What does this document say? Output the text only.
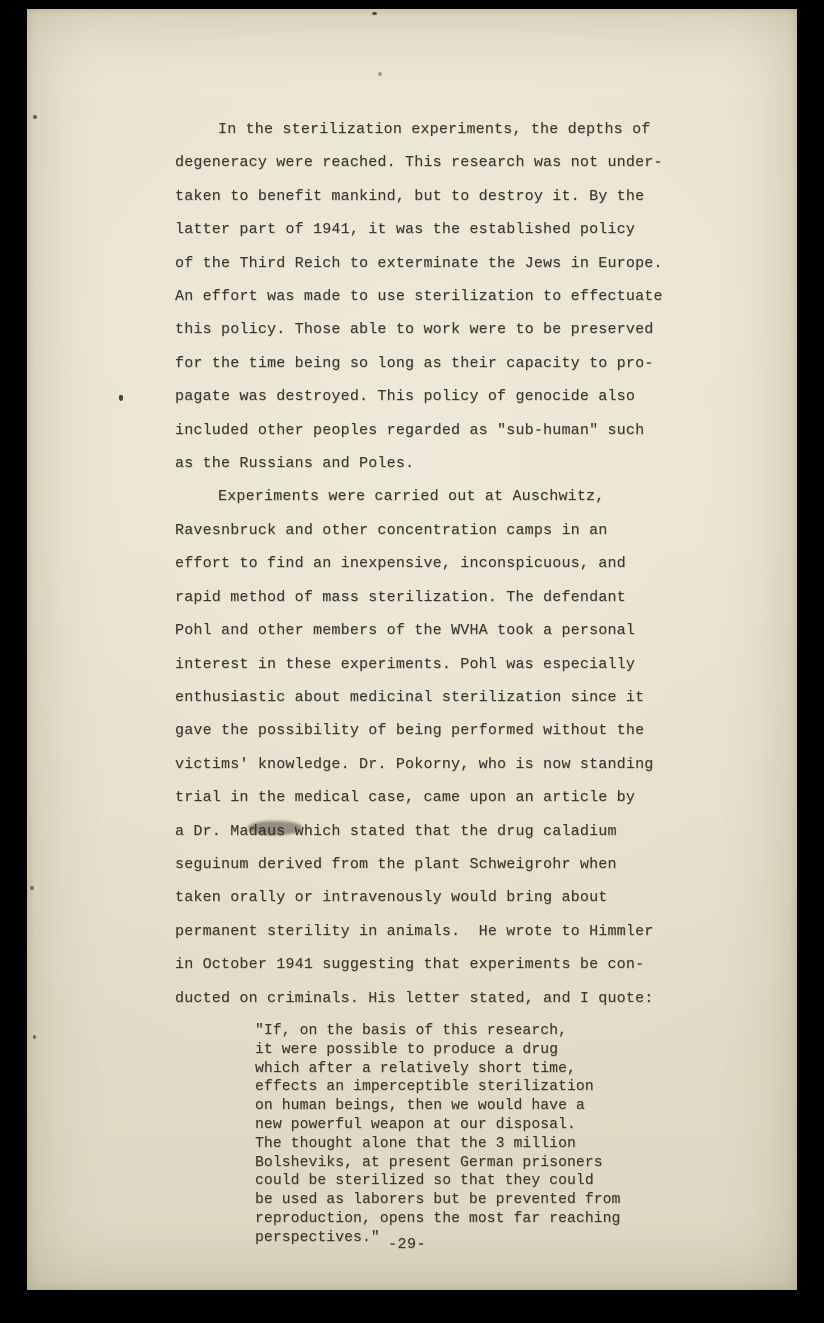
In the sterilization experiments, the depths of
degeneracy were reached. This research was not under-
taken to benefit mankind, but to destroy it. By the
latter part of 1941, it was the established policy
of the Third Reich to exterminate the Jews in Europe.
An effort was made to use sterilization to effectuate
this policy. Those able to work were to be preserved
for the time being so long as their capacity to pro-
pagate was destroyed. This policy of genocide also
included other peoples regarded as "sub-human" such
as the Russians and Poles.
Experiments were carried out at Auschwitz,
Ravesnbruck and other concentration camps in an
effort to find an inexpensive, inconspicuous, and
rapid method of mass sterilization. The defendant
Pohl and other members of the WVHA took a personal
interest in these experiments. Pohl was especially
enthusiastic about medicinal sterilization since it
gave the possibility of being performed without the
victims' knowledge. Dr. Pokorny, who is now standing
trial in the medical case, came upon an article by
a Dr. Madaus which stated that the drug caladium
seguinum derived from the plant Schweigrohr when
taken orally or intravenously would bring about
permanent sterility in animals.  He wrote to Himmler
in October 1941 suggesting that experiments be con-
ducted on criminals. His letter stated, and I quote:
"If, on the basis of this research,
it were possible to produce a drug
which after a relatively short time,
effects an imperceptible sterilization
on human beings, then we would have a
new powerful weapon at our disposal.
The thought alone that the 3 million
Bolsheviks, at present German prisoners
could be sterilized so that they could
be used as laborers but be prevented from
reproduction, opens the most far reaching
perspectives." -29-
